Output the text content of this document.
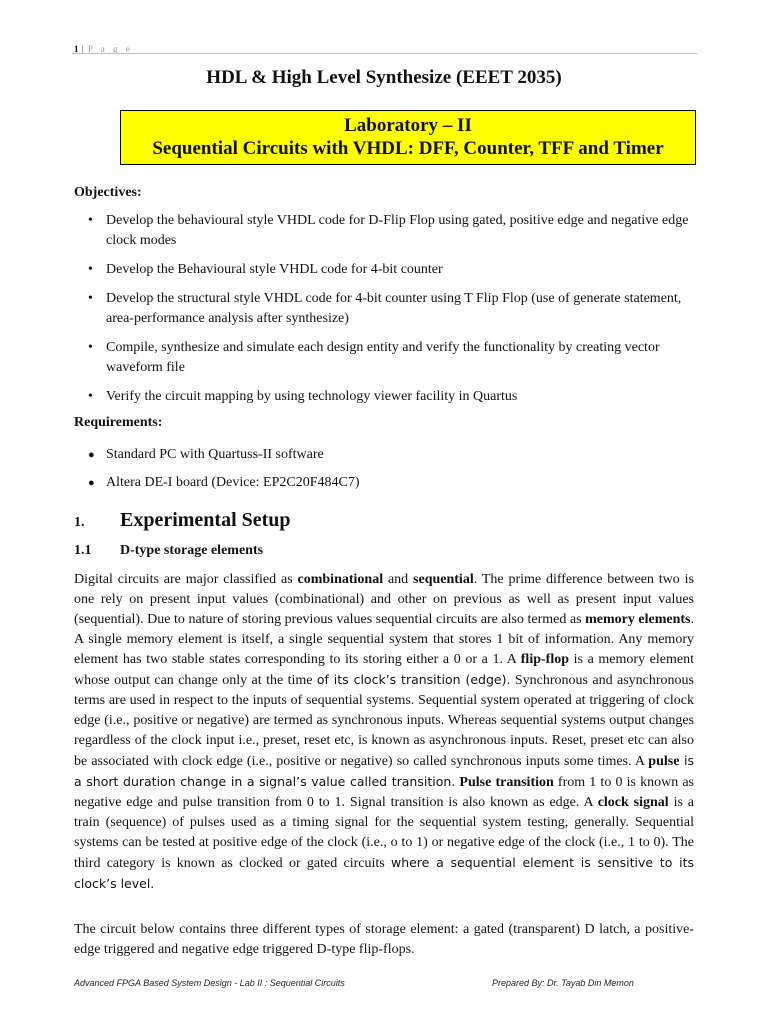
1 | P a g e
HDL & High Level Synthesize (EEET 2035)
Laboratory – II
Sequential Circuits with VHDL: DFF, Counter, TFF and Timer
Objectives:
• Develop the behavioural style VHDL code for D-Flip Flop using gated, positive edge and negative edge clock modes
• Develop the Behavioural style VHDL code for 4-bit counter
• Develop the structural style VHDL code for 4-bit counter using T Flip Flop (use of generate statement, area-performance analysis after synthesize)
• Compile, synthesize and simulate each design entity and verify the functionality by creating vector waveform file
• Verify the circuit mapping by using technology viewer facility in Quartus
Requirements:
● Standard PC with Quartuss-II software
● Altera DE-I board (Device: EP2C20F484C7)
1. Experimental Setup
1.1 D-type storage elements

Digital circuits are major classified as combinational and sequential. The prime difference between two is one rely on present input values (combinational) and other on previous as well as present input values (sequential). Due to nature of storing previous values sequential circuits are also termed as memory elements. A single memory element is itself, a single sequential system that stores 1 bit of information. Any memory element has two stable states corresponding to its storing either a 0 or a 1. A flip-flop is a memory element whose output can change only at the time of its clock’s transition (edge). Synchronous and asynchronous terms are used in respect to the inputs of sequential systems. Sequential system operated at triggering of clock edge (i.e., positive or negative) are termed as synchronous inputs. Whereas sequential systems output changes regardless of the clock input i.e., preset, reset etc, is known as asynchronous inputs. Reset, preset etc can also be associated with clock edge (i.e., positive or negative) so called synchronous inputs some times. A pulse is a short duration change in a signal’s value called transition. Pulse transition from 1 to 0 is known as negative edge and pulse transition from 0 to 1. Signal transition is also known as edge. A clock signal is a train (sequence) of pulses used as a timing signal for the sequential system testing, generally. Sequential systems can be tested at positive edge of the clock (i.e., o to 1) or negative edge of the clock (i.e., 1 to 0). The third category is known as clocked or gated circuits where a sequential element is sensitive to its clock’s level.

The circuit below contains three different types of storage element: a gated (transparent) D latch, a positive-edge triggered and negative edge triggered D-type flip-flops.

Advanced FPGA Based System Design - Lab II : Sequential Circuits	Prepared By: Dr. Tayab Din Memon
